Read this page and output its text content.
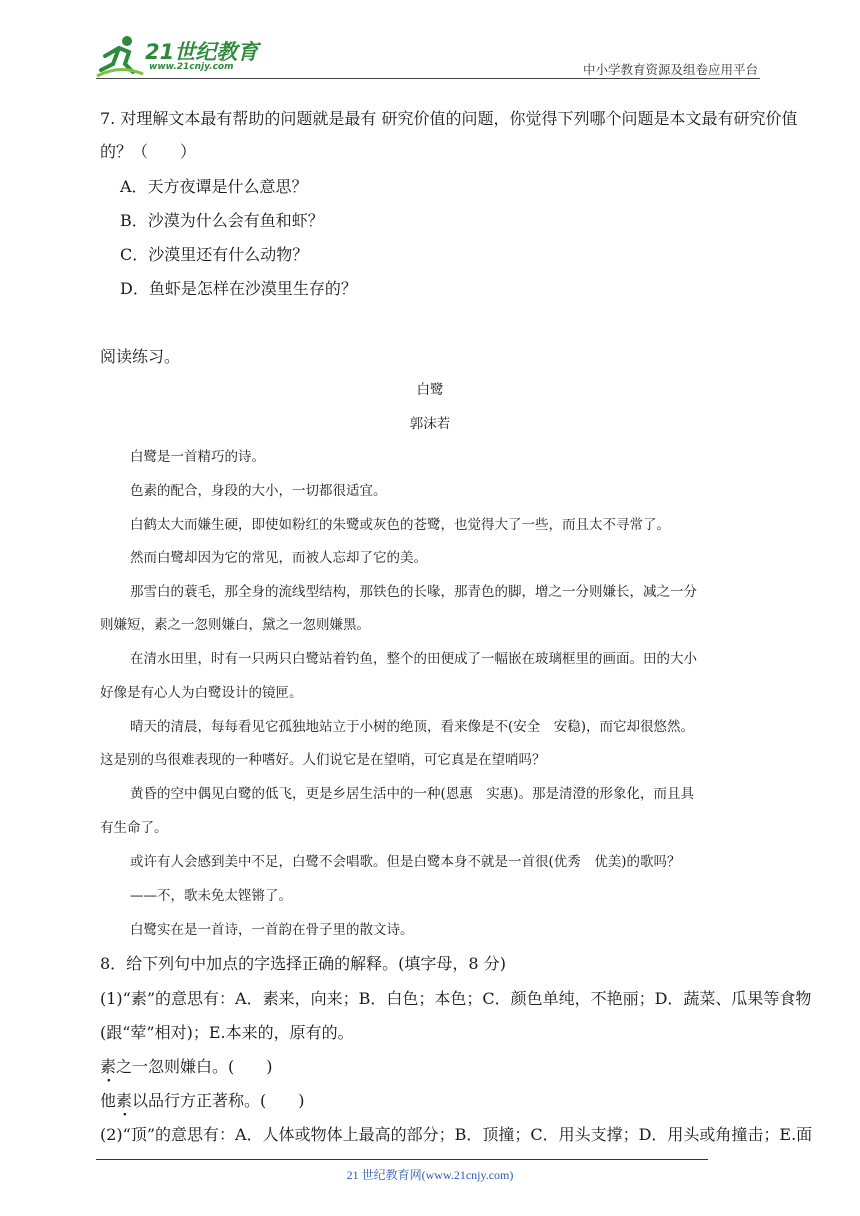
21世纪教育
www.21cnjy.com	中小学教育资源及组卷应用平台
7. 对理解文本最有帮助的问题就是最有 研究价值的问题，你觉得下列哪个问题是本文最有研究价值
的？（　　）
A．天方夜谭是什么意思？
B．沙漠为什么会有鱼和虾？
C．沙漠里还有什么动物？
D．鱼虾是怎样在沙漠里生存的？
阅读练习。
白鹭
郭沫若
白鹭是一首精巧的诗。
色素的配合，身段的大小，一切都很适宜。
白鹤太大而嫌生硬，即使如粉红的朱鹭或灰色的苍鹭，也觉得大了一些，而且太不寻常了。
然而白鹭却因为它的常见，而被人忘却了它的美。
那雪白的蓑毛，那全身的流线型结构，那铁色的长喙，那青色的脚，增之一分则嫌长，减之一分
则嫌短，素之一忽则嫌白，黛之一忽则嫌黑。
在清水田里，时有一只两只白鹭站着钓鱼，整个的田便成了一幅嵌在玻璃框里的画面。田的大小
好像是有心人为白鹭设计的镜匣。
晴天的清晨，每每看见它孤独地站立于小树的绝顶，看来像是不(安全　安稳)，而它却很悠然。
这是别的鸟很难表现的一种嗜好。人们说它是在望哨，可它真是在望哨吗？
黄昏的空中偶见白鹭的低飞，更是乡居生活中的一种(恩惠　实惠)。那是清澄的形象化，而且具
有生命了。
或许有人会感到美中不足，白鹭不会唱歌。但是白鹭本身不就是一首很(优秀　优美)的歌吗？
——不，歌未免太铿锵了。
白鹭实在是一首诗，一首韵在骨子里的散文诗。
8．给下列句中加点的字选择正确的解释。(填字母，8 分)
(1)“素”的意思有：A．素来，向来；B．白色；本色；C．颜色单纯，不艳丽；D．蔬菜、瓜果等食物
(跟“荤”相对)；E.本来的，原有的。
素之一忽则嫌白。(　　)
他素以品行方正著称。(　　)
(2)“顶”的意思有：A．人体或物体上最高的部分；B．顶撞；C．用头支撑；D．用头或角撞击；E.面
21 世纪教育网(www.21cnjy.com)
